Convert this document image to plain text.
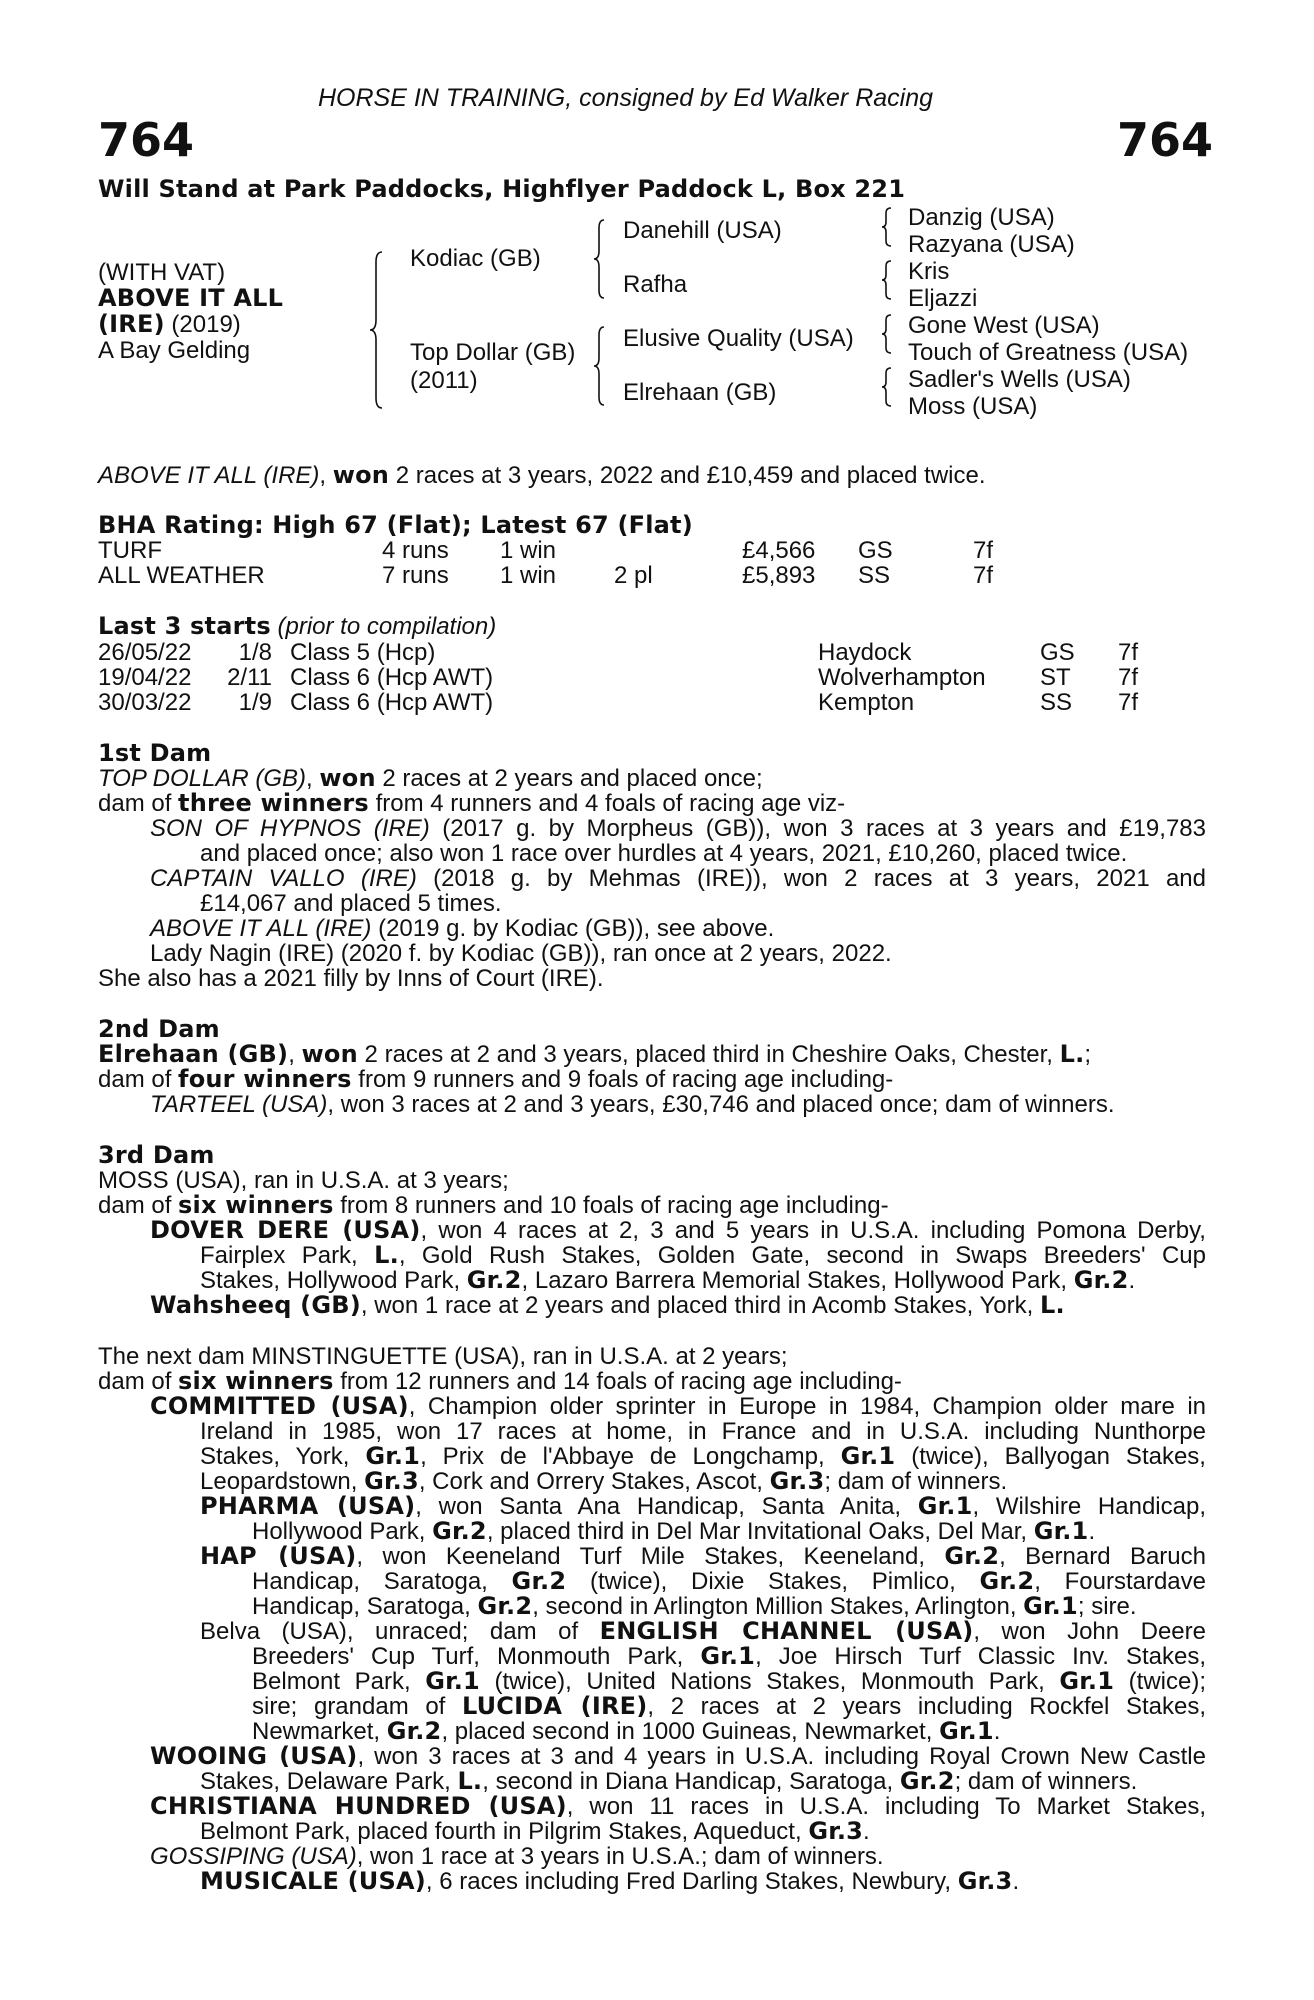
HORSE IN TRAINING, consigned by Ed Walker Racing
764	764
Will Stand at Park Paddocks, Highflyer Paddock L, Box 221
(WITH VAT)
ABOVE IT ALL
(IRE) (2019)
A Bay Gelding
Kodiac (GB)
Top Dollar (GB)
(2011)
Danehill (USA)
Rafha
Elusive Quality (USA)
Elrehaan (GB)
Danzig (USA)
Razyana (USA)
Kris
Eljazzi
Gone West (USA)
Touch of Greatness (USA)
Sadler's Wells (USA)
Moss (USA)
ABOVE IT ALL (IRE), won 2 races at 3 years, 2022 and £10,459 and placed twice.
BHA Rating: High 67 (Flat); Latest 67 (Flat)
TURF	4 runs 1 win	£4,566 GS	7f
ALL WEATHER	7 runs 1 win 2 pl	£5,893 SS	7f
Last 3 starts (prior to compilation)
26/05/22	1/8 Class 5 (Hcp)	Haydock	GS 7f
19/04/22 2/11 Class 6 (Hcp AWT)	Wolverhampton ST 7f
30/03/22	1/9 Class 6 (Hcp AWT)	Kempton	SS 7f
1st Dam
TOP DOLLAR (GB), won 2 races at 2 years and placed once;
dam of three winners from 4 runners and 4 foals of racing age viz-
SON OF HYPNOS (IRE) (2017 g. by Morpheus (GB)), won 3 races at 3 years and £19,783
and placed once; also won 1 race over hurdles at 4 years, 2021, £10,260, placed twice.
CAPTAIN VALLO (IRE) (2018 g. by Mehmas (IRE)), won 2 races at 3 years, 2021 and
£14,067 and placed 5 times.
ABOVE IT ALL (IRE) (2019 g. by Kodiac (GB)), see above.
Lady Nagin (IRE) (2020 f. by Kodiac (GB)), ran once at 2 years, 2022.
She also has a 2021 filly by Inns of Court (IRE).
2nd Dam
Elrehaan (GB), won 2 races at 2 and 3 years, placed third in Cheshire Oaks, Chester, L.;
dam of four winners from 9 runners and 9 foals of racing age including-
TARTEEL (USA), won 3 races at 2 and 3 years, £30,746 and placed once; dam of winners.
3rd Dam
MOSS (USA), ran in U.S.A. at 3 years;
dam of six winners from 8 runners and 10 foals of racing age including-
DOVER DERE (USA), won 4 races at 2, 3 and 5 years in U.S.A. including Pomona Derby,
Fairplex Park, L., Gold Rush Stakes, Golden Gate, second in Swaps Breeders' Cup
Stakes, Hollywood Park, Gr.2, Lazaro Barrera Memorial Stakes, Hollywood Park, Gr.2.
Wahsheeq (GB), won 1 race at 2 years and placed third in Acomb Stakes, York, L.
The next dam MINSTINGUETTE (USA), ran in U.S.A. at 2 years;
dam of six winners from 12 runners and 14 foals of racing age including-
COMMITTED (USA), Champion older sprinter in Europe in 1984, Champion older mare in
Ireland in 1985, won 17 races at home, in France and in U.S.A. including Nunthorpe
Stakes, York, Gr.1, Prix de l'Abbaye de Longchamp, Gr.1 (twice), Ballyogan Stakes,
Leopardstown, Gr.3, Cork and Orrery Stakes, Ascot, Gr.3; dam of winners.
PHARMA (USA), won Santa Ana Handicap, Santa Anita, Gr.1, Wilshire Handicap,
Hollywood Park, Gr.2, placed third in Del Mar Invitational Oaks, Del Mar, Gr.1.
HAP (USA), won Keeneland Turf Mile Stakes, Keeneland, Gr.2, Bernard Baruch
Handicap, Saratoga, Gr.2 (twice), Dixie Stakes, Pimlico, Gr.2, Fourstardave
Handicap, Saratoga, Gr.2, second in Arlington Million Stakes, Arlington, Gr.1; sire.
Belva (USA), unraced; dam of ENGLISH CHANNEL (USA), won John Deere
Breeders' Cup Turf, Monmouth Park, Gr.1, Joe Hirsch Turf Classic Inv. Stakes,
Belmont Park, Gr.1 (twice), United Nations Stakes, Monmouth Park, Gr.1 (twice);
sire; grandam of LUCIDA (IRE), 2 races at 2 years including Rockfel Stakes,
Newmarket, Gr.2, placed second in 1000 Guineas, Newmarket, Gr.1.
WOOING (USA), won 3 races at 3 and 4 years in U.S.A. including Royal Crown New Castle
Stakes, Delaware Park, L., second in Diana Handicap, Saratoga, Gr.2; dam of winners.
CHRISTIANA HUNDRED (USA), won 11 races in U.S.A. including To Market Stakes,
Belmont Park, placed fourth in Pilgrim Stakes, Aqueduct, Gr.3.
GOSSIPING (USA), won 1 race at 3 years in U.S.A.; dam of winners.
MUSICALE (USA), 6 races including Fred Darling Stakes, Newbury, Gr.3.
